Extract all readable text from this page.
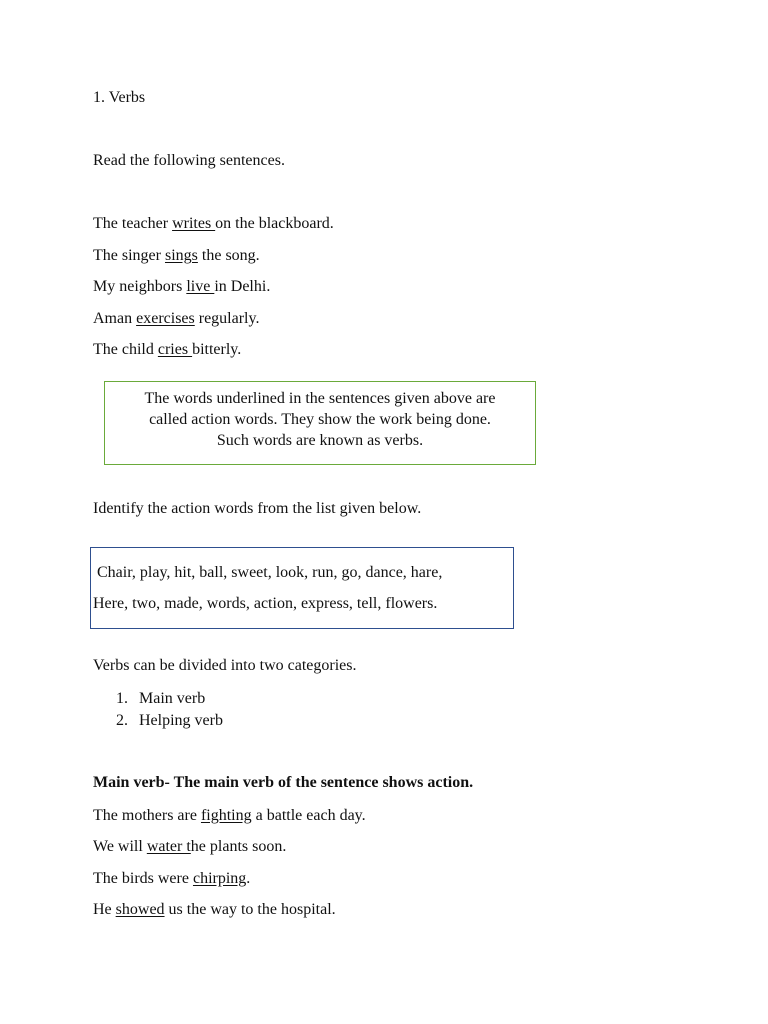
1. Verbs
Read the following sentences.
The teacher writes on the blackboard.
The singer sings the song.
My neighbors live in Delhi.
Aman exercises regularly.
The child cries bitterly.
The words underlined in the sentences given above are
called action words. They show the work being done.
Such words are known as verbs.
Identify the action words from the list given below.
Chair, play, hit, ball, sweet, look, run, go, dance, hare,
Here, two, made, words, action, express, tell, flowers.
Verbs can be divided into two categories.
1. Main verb
2. Helping verb
Main verb- The main verb of the sentence shows action.
The mothers are fighting a battle each day.
We will water the plants soon.
The birds were chirping.
He showed us the way to the hospital.
